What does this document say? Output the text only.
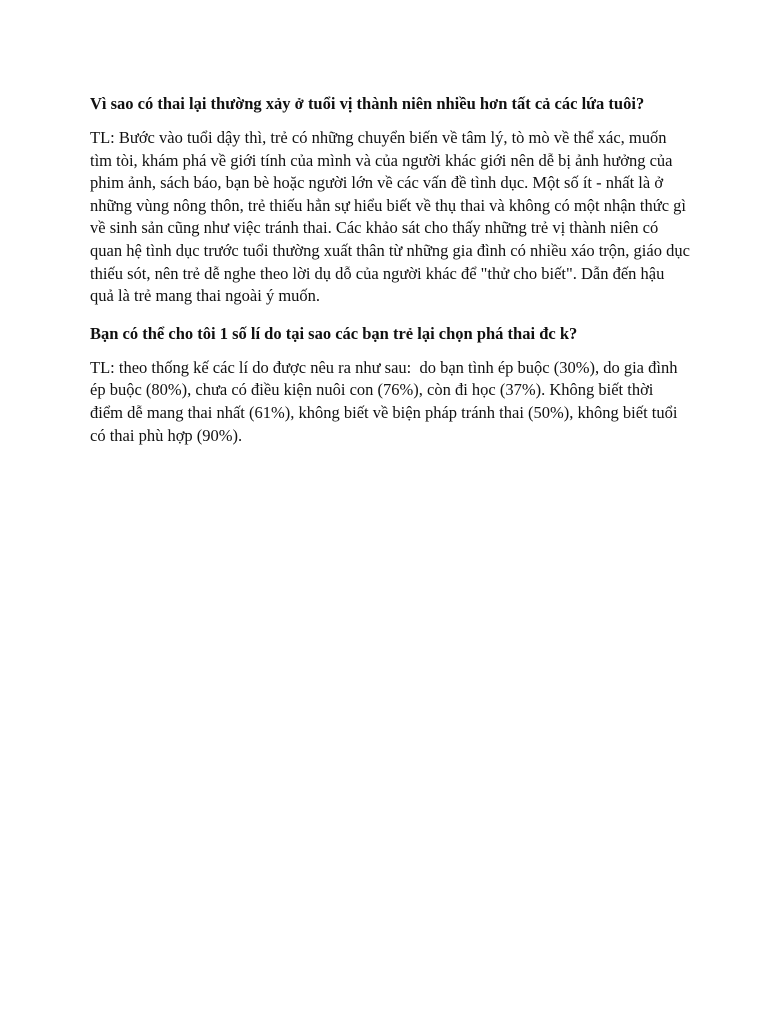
Vì sao có thai lại thường xảy ở tuổi vị thành niên nhiều hơn tất cả các lứa tuôi?

TL: Bước vào tuổi dậy thì, trẻ có những chuyển biến về tâm lý, tò mò về thể xác, muốn tìm tòi, khám phá về giới tính của mình và của người khác giới nên dễ bị ảnh hưởng của phim ảnh, sách báo, bạn bè hoặc người lớn về các vấn đề tình dục. Một số ít - nhất là ở những vùng nông thôn, trẻ thiếu hẳn sự hiểu biết về thụ thai và không có một nhận thức gì về sinh sản cũng như việc tránh thai. Các khảo sát cho thấy những trẻ vị thành niên có quan hệ tình dục trước tuổi thường xuất thân từ những gia đình có nhiều xáo trộn, giáo dục thiếu sót, nên trẻ dễ nghe theo lời dụ dỗ của người khác để "thử cho biết". Dẫn đến hậu quả là trẻ mang thai ngoài ý muốn.

Bạn có thể cho tôi 1 số lí do tại sao các bạn trẻ lại chọn phá thai đc k?

TL: theo thống kế các lí do được nêu ra như sau:  do bạn tình ép buộc (30%), do gia đình ép buộc (80%), chưa có điều kiện nuôi con (76%), còn đi học (37%). Không biết thời điểm dễ mang thai nhất (61%), không biết về biện pháp tránh thai (50%), không biết tuổi có thai phù hợp (90%).
